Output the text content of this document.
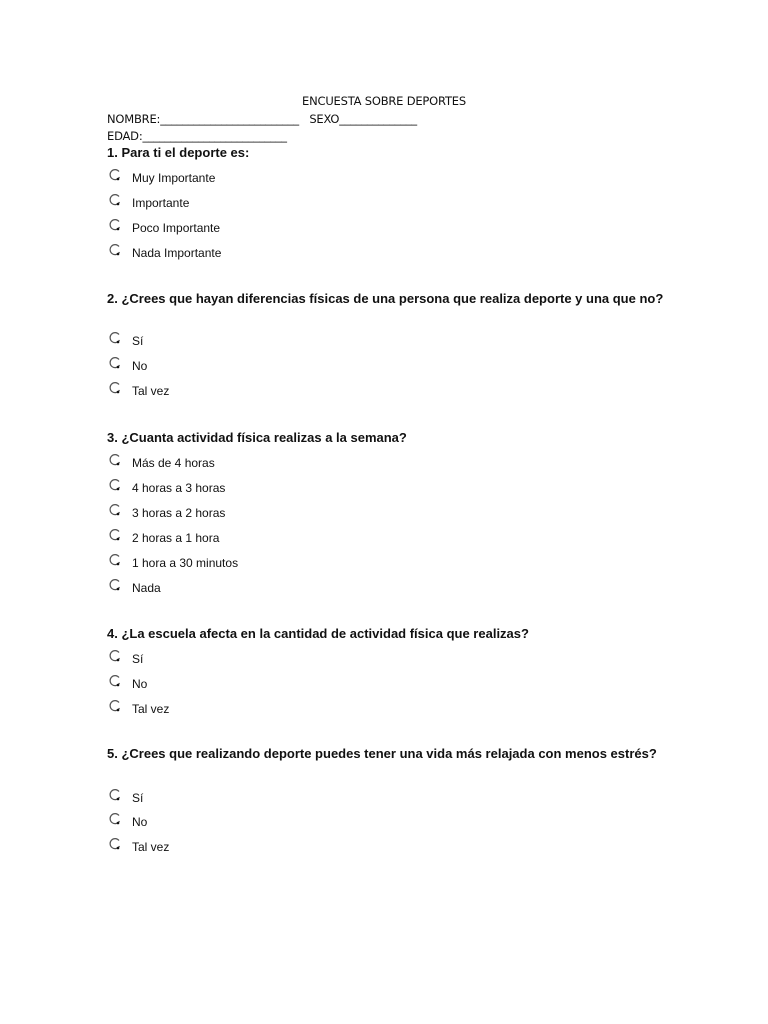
ENCUESTA SOBRE DEPORTES
NOMBRE:_________________________   SEXO______________
EDAD:__________________________
1. Para ti el deporte es:
Muy Importante
Importante
Poco Importante
Nada Importante
2. ¿Crees que hayan diferencias físicas de una persona que realiza deporte y una que no?
Sí
No
Tal vez
3. ¿Cuanta actividad física realizas a la semana?
Más de 4 horas
4 horas a 3 horas
3 horas a 2 horas
2 horas a 1 hora
1 hora a 30 minutos
Nada
4. ¿La escuela afecta en la cantidad de actividad física que realizas?
Sí
No
Tal vez
5. ¿Crees que realizando deporte puedes tener una vida más relajada con menos estrés?
Sí
No
Tal vez
